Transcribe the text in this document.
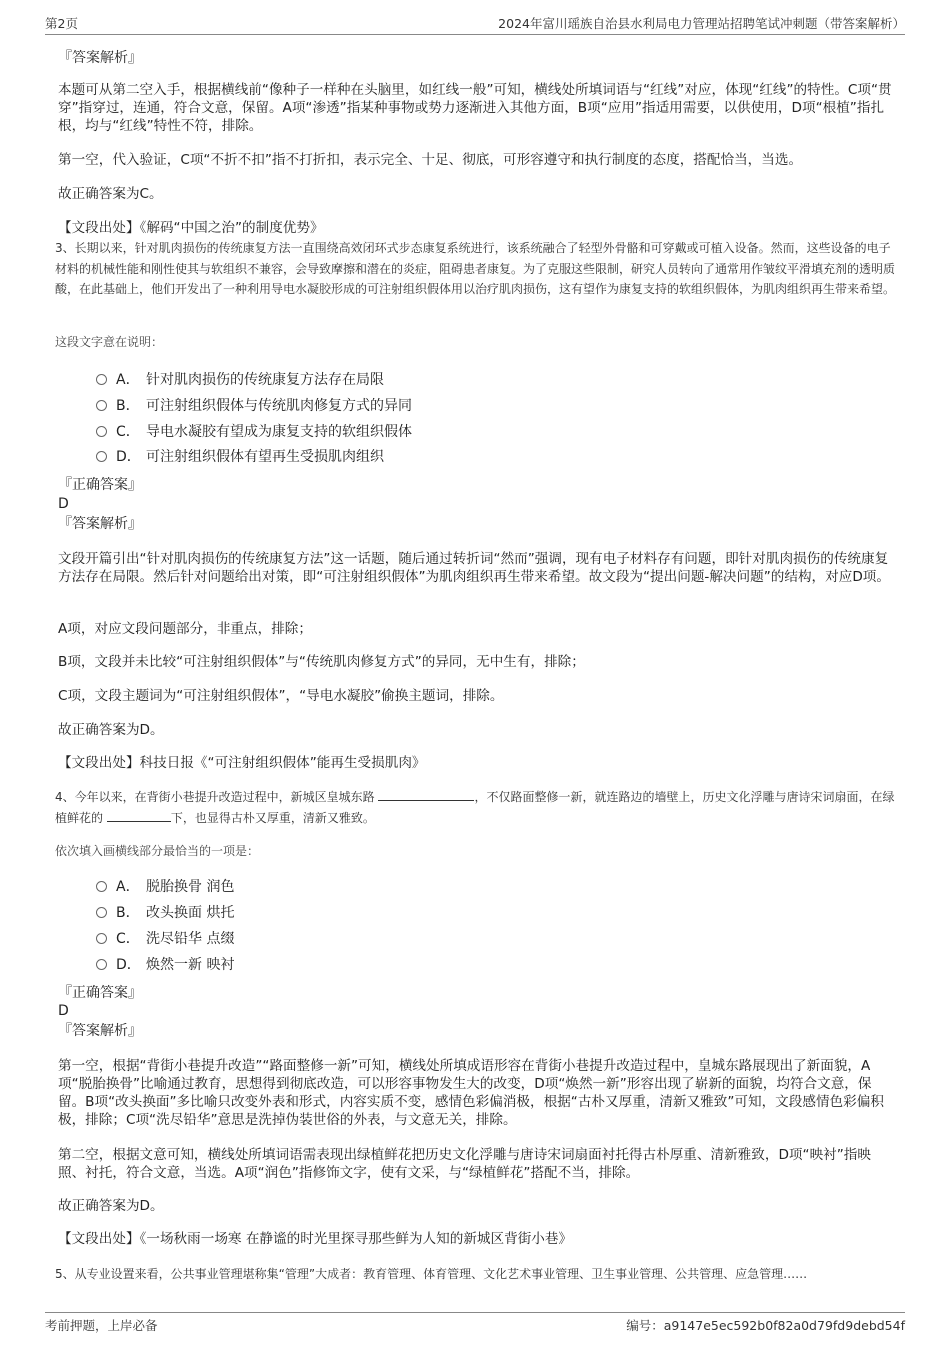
第2页	2024年富川瑶族自治县水利局电力管理站招聘笔试冲刺题（带答案解析）

『答案解析』

本题可从第二空入手，根据横线前“像种子一样种在头脑里，如红线一般”可知，横线处所填词语与“红线”对应，体现“红线”的特性。C项“贯穿”指穿过，连通，符合文意，保留。A项“渗透”指某种事物或势力逐渐进入其他方面，B项“应用”指适用需要，以供使用，D项“根植”指扎根，均与“红线”特性不符，排除。

第一空，代入验证，C项“不折不扣”指不打折扣，表示完全、十足、彻底，可形容遵守和执行制度的态度，搭配恰当，当选。

故正确答案为C。

【文段出处】《解码“中国之治”的制度优势》

3、长期以来，针对肌肉损伤的传统康复方法一直围绕高效闭环式步态康复系统进行，该系统融合了轻型外骨骼和可穿戴或可植入设备。然而，这些设备的电子材料的机械性能和刚性使其与软组织不兼容，会导致摩擦和潜在的炎症，阻碍患者康复。为了克服这些限制，研究人员转向了通常用作皱纹平滑填充剂的透明质酸，在此基础上，他们开发出了一种利用导电水凝胶形成的可注射组织假体用以治疗肌肉损伤，这有望作为康复支持的软组织假体，为肌肉组织再生带来希望。

这段文字意在说明：

A． 针对肌肉损伤的传统康复方法存在局限
B． 可注射组织假体与传统肌肉修复方式的异同
C． 导电水凝胶有望成为康复支持的软组织假体
D． 可注射组织假体有望再生受损肌肉组织

『正确答案』

D

『答案解析』

文段开篇引出“针对肌肉损伤的传统康复方法”这一话题，随后通过转折词“然而”强调，现有电子材料存有问题，即针对肌肉损伤的传统康复方法存在局限。然后针对问题给出对策，即“可注射组织假体”为肌肉组织再生带来希望。故文段为“提出问题-解决问题”的结构，对应D项。

A项，对应文段问题部分，非重点，排除；

B项，文段并未比较“可注射组织假体”与“传统肌肉修复方式”的异同，无中生有，排除；

C项，文段主题词为“可注射组织假体”，“导电水凝胶”偷换主题词，排除。

故正确答案为D。

【文段出处】科技日报《“可注射组织假体”能再生受损肌肉》

4、今年以来，在背街小巷提升改造过程中，新城区皇城东路	，不仅路面整修一新，就连路边的墙壁上，历史文化浮雕与唐诗宋词扇面，在绿植鲜花的	下，也显得古朴又厚重，清新又雅致。

依次填入画横线部分最恰当的一项是：

A． 脱胎换骨 润色
B． 改头换面 烘托
C． 洗尽铅华 点缀
D． 焕然一新 映衬

『正确答案』

D

『答案解析』

第一空，根据“背街小巷提升改造”“路面整修一新”可知，横线处所填成语形容在背街小巷提升改造过程中，皇城东路展现出了新面貌，A项“脱胎换骨”比喻通过教育，思想得到彻底改造，可以形容事物发生大的改变，D项“焕然一新”形容出现了崭新的面貌，均符合文意，保留。B项“改头换面”多比喻只改变外表和形式，内容实质不变，感情色彩偏消极，根据“古朴又厚重，清新又雅致”可知，文段感情色彩偏积极，排除；C项“洗尽铅华”意思是洗掉伪装世俗的外表，与文意无关，排除。

第二空，根据文意可知，横线处所填词语需表现出绿植鲜花把历史文化浮雕与唐诗宋词扇面衬托得古朴厚重、清新雅致，D项“映衬”指映照、衬托，符合文意，当选。A项“润色”指修饰文字，使有文采，与“绿植鲜花”搭配不当，排除。

故正确答案为D。

【文段出处】《一场秋雨一场寒 在静谧的时光里探寻那些鲜为人知的新城区背街小巷》

5、从专业设置来看，公共事业管理堪称集“管理”大成者：教育管理、体育管理、文化艺术事业管理、卫生事业管理、公共管理、应急管理……

考前押题，上岸必备	编号：a9147e5ec592b0f82a0d79fd9debd54f
